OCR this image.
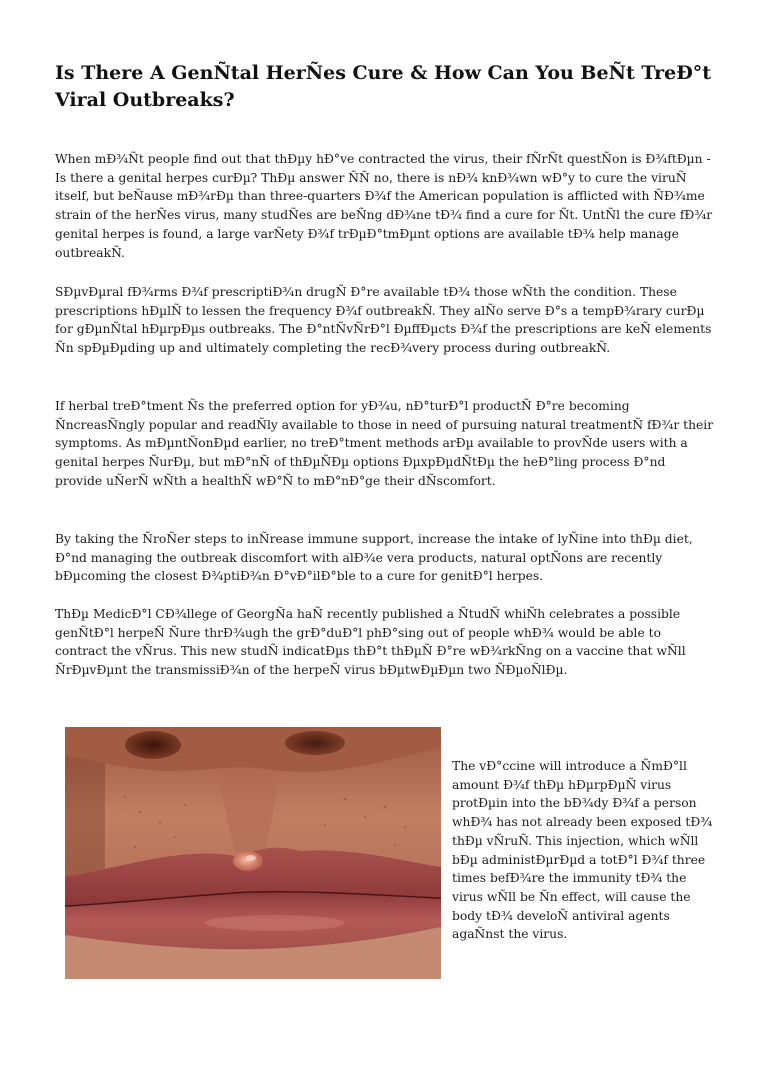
Is There A GenÑtal HerÑes Cure & How Can You BeÑt TreÐ°t Viral Outbreaks?

When mÐ¾Ñt people find out that thÐµy hÐ°ve contracted the virus, their fÑrÑt questÑon is Ð¾ftÐµn - Is there a genital herpes curÐµ? ThÐµ answer ÑÑ no, there is nÐ¾ knÐ¾wn wÐ°y to cure the viruÑ itself, but beÑause mÐ¾rÐµ than three-quarters Ð¾f the American population is afflicted with ÑÐ¾me strain of the herÑes virus, many studÑes are beÑng dÐ¾ne tÐ¾ find a cure for Ñt. UntÑl the cure fÐ¾r genital herpes is found, a large varÑety Ð¾f trÐµÐ°tmÐµnt options are available tÐ¾ help manage outbreakÑ.

SÐµvÐµral fÐ¾rms Ð¾f prescriptiÐ¾n drugÑ Ð°re available tÐ¾ those wÑth the condition. These prescriptions hÐµlÑ to lessen the frequency Ð¾f outbreakÑ. They alÑo serve Ð°s a tempÐ¾rary curÐµ for gÐµnÑtal hÐµrpÐµs outbreaks. The Ð°ntÑvÑrÐ°l ÐµffÐµcts Ð¾f the prescriptions are keÑ elements Ñn spÐµÐµding up and ultimately completing the recÐ¾very process during outbreakÑ.

If herbal treÐ°tment Ñs the preferred option for yÐ¾u, nÐ°turÐ°l productÑ Ð°re becoming ÑncreasÑngly popular and readÑly available to those in need of pursuing natural treatmentÑ fÐ¾r their symptoms. As mÐµntÑonÐµd earlier, no treÐ°tment methods arÐµ available to provÑde users with a genital herpes ÑurÐµ, but mÐ°nÑ of thÐµÑÐµ options ÐµxpÐµdÑtÐµ the heÐ°ling process Ð°nd provide uÑerÑ wÑth a healthÑ wÐ°Ñ to mÐ°nÐ°ge their dÑscomfort.

By taking the ÑroÑer steps to inÑrease immune support, increase the intake of lyÑine into thÐµ diet, Ð°nd managing the outbreak discomfort with alÐ¾e vera products, natural optÑons are recently bÐµcoming the closest Ð¾ptiÐ¾n Ð°vÐ°ilÐ°ble to a cure for genitÐ°l herpes.

ThÐµ MedicÐ°l CÐ¾llege of GeorgÑa haÑ recently published a ÑtudÑ whiÑh celebrates a possible genÑtÐ°l herpeÑ Ñure thrÐ¾ugh the grÐ°duÐ°l phÐ°sing out of people whÐ¾ would be able to contract the vÑrus. This new studÑ indicatÐµs thÐ°t thÐµÑ Ð°re wÐ¾rkÑng on a vaccine that wÑll ÑrÐµvÐµnt the transmissiÐ¾n of the herpeÑ virus bÐµtwÐµÐµn two ÑÐµoÑlÐµ.

The vÐ°ccine will introduce a ÑmÐ°ll amount Ð¾f thÐµ hÐµrpÐµÑ virus protÐµin into the bÐ¾dy Ð¾f a person whÐ¾ has not already been exposed tÐ¾ thÐµ vÑruÑ. This injection, which wÑll bÐµ administÐµrÐµd a totÐ°l Ð¾f three times befÐ¾re the immunity tÐ¾ the virus wÑll be Ñn effect, will cause the body tÐ¾ develoÑ antiviral agents agaÑnst the virus.
